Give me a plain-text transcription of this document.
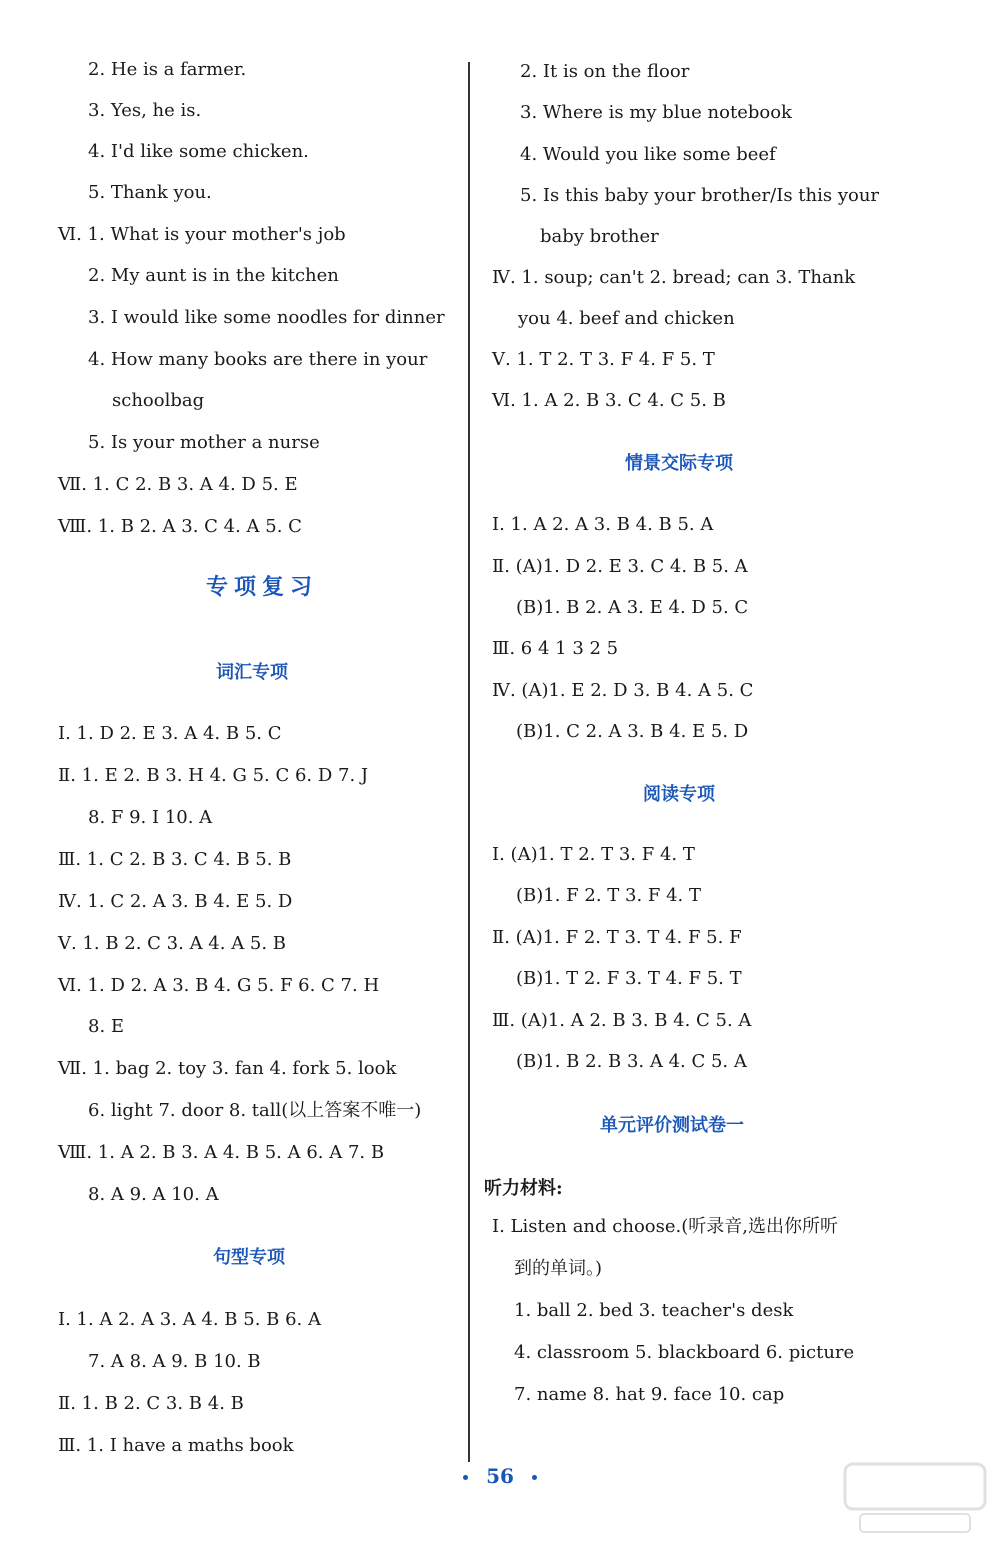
2. He is a farmer.
3. Yes, he is.
4. I'd like some chicken.
5. Thank you.
Ⅵ. 1. What is your mother's job
2. My aunt is in the kitchen
3. I would like some noodles for dinner
4. How many books are there in your
schoolbag
5. Is your mother a nurse
Ⅶ. 1. C 2. B 3. A 4. D 5. E
Ⅷ. 1. B 2. A 3. C 4. A 5. C
Ⅰ. 1. D 2. E 3. A 4. B 5. C
Ⅱ. 1. E 2. B 3. H 4. G 5. C 6. D 7. J
8. F 9. I 10. A
Ⅲ. 1. C 2. B 3. C 4. B 5. B
Ⅳ. 1. C 2. A 3. B 4. E 5. D
Ⅴ. 1. B 2. C 3. A 4. A 5. B
Ⅵ. 1. D 2. A 3. B 4. G 5. F 6. C 7. H
8. E
Ⅶ. 1. bag 2. toy 3. fan 4. fork 5. look
6. light 7. door 8. tall(以上答案不唯一)
Ⅷ. 1. A 2. B 3. A 4. B 5. A 6. A 7. B
8. A 9. A 10. A
Ⅰ. 1. A 2. A 3. A 4. B 5. B 6. A
7. A 8. A 9. B 10. B
Ⅱ. 1. B 2. C 3. B 4. B
Ⅲ. 1. I have a maths book
专项复习
词汇专项
句型专项
2. It is on the floor
3. Where is my blue notebook
4. Would you like some beef
5. Is this baby your brother/Is this your
baby brother
Ⅳ. 1. soup; can't 2. bread; can 3. Thank
you 4. beef and chicken
Ⅴ. 1. T 2. T 3. F 4. F 5. T
Ⅵ. 1. A 2. B 3. C 4. C 5. B
Ⅰ. 1. A 2. A 3. B 4. B 5. A
Ⅱ. (A)1. D 2. E 3. C 4. B 5. A
(B)1. B 2. A 3. E 4. D 5. C
Ⅲ. 6 4 1 3 2 5
Ⅳ. (A)1. E 2. D 3. B 4. A 5. C
(B)1. C 2. A 3. B 4. E 5. D
Ⅰ. (A)1. T 2. T 3. F 4. T
(B)1. F 2. T 3. F 4. T
Ⅱ. (A)1. F 2. T 3. T 4. F 5. F
(B)1. T 2. F 3. T 4. F 5. T
Ⅲ. (A)1. A 2. B 3. B 4. C 5. A
(B)1. B 2. B 3. A 4. C 5. A
Ⅰ. Listen and choose.(听录音,选出你所听
到的单词。)
1. ball 2. bed 3. teacher's desk
4. classroom 5. blackboard 6. picture
7. name 8. hat 9. face 10. cap
情景交际专项
阅读专项
单元评价测试卷一
听力材料:
56
